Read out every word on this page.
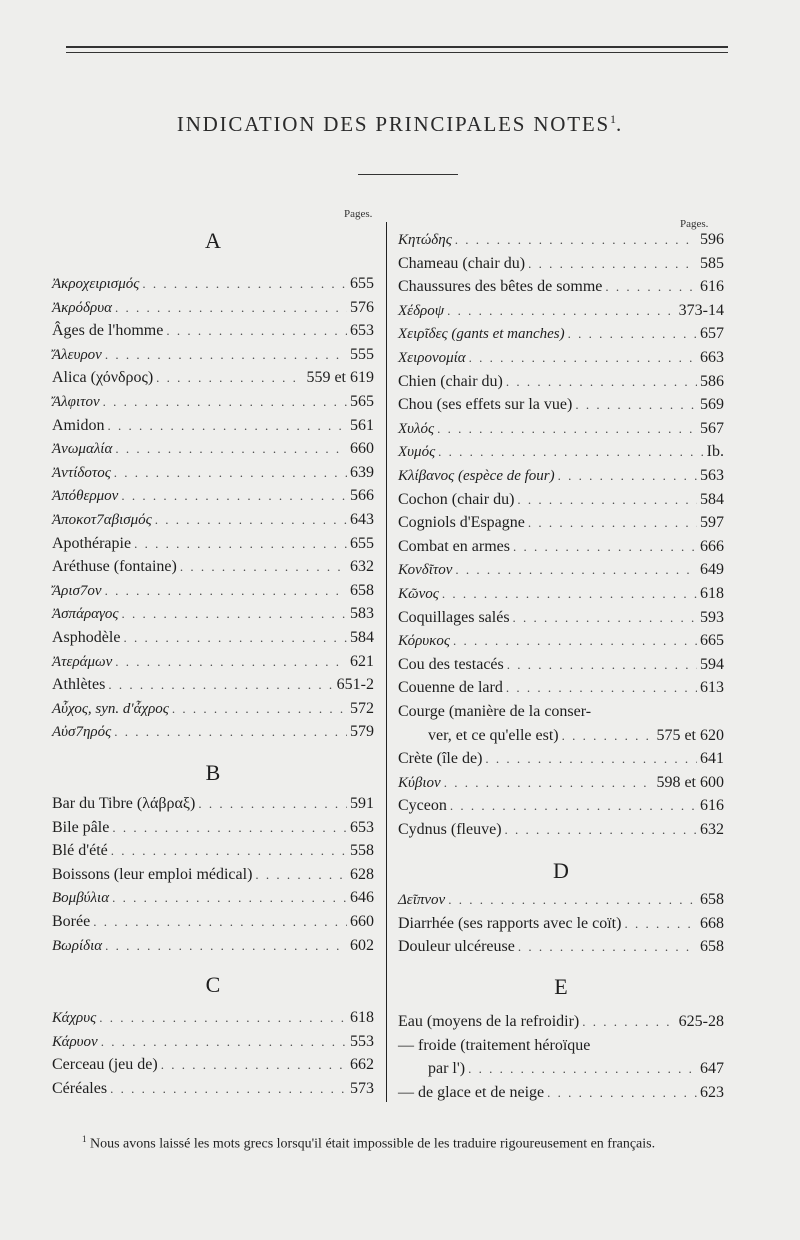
INDICATION DES PRINCIPALES NOTES$^1$.
Pages.
A
Ἀκροχειρισμός . . .	655
Ἀκρόδρυα . . .	576
Âges de l'homme . . .	653
Ἄλευρον . . .	555
Alica (χόνδρος) . . .	559 et 619
Ἄλφιτον . . .	565
Amidon . . .	561
Ἀνωμαλία . . .	660
Ἀντίδοτος . . .	639
Ἀπόθερμον . . .	566
Ἀποκοτ7αβισμός . . .	643
Apothérapie . . .	655
Aréthuse (fontaine) . . .	632
Ἄρισ7ον . . .	658
Ἀσπάραγος . . .	583
Asphodèle . . .	584
Ἀτεράμων . . .	621
Athlètes . . .	651-2
Αὖχος, syn. d'ἆχρος . . .	572
Αὐσ7ηρός . . .	579
B
Bar du Tibre (λάβραξ) . . .	591
Bile pâle . . .	653
Blé d'été . . .	558
Boissons (leur emploi médical) . . .	628
Βομβύλια . . .	646
Borée . . .	660
Βωρίδια . . .	602
C
Κάχρυς . . .	618
Κάρυον . . .	553
Cerceau (jeu de) . . .	662
Céréales . . .	573
Pages.
Κητώδης . . .	596
Chameau (chair du) . . .	585
Chaussures des bêtes de somme . . .	616
Χέδροψ . . .	373-14
Χειρῖδες (gants et manches) . . .	657
Χειρονομία . . .	663
Chien (chair du) . . .	586
Chou (ses effets sur la vue) . . .	569
Χυλός . . .	567
Χυμός . . .	Ib.
Κλίβανος (espèce de four) . . .	563
Cochon (chair du) . . .	584
Cogniols d'Espagne . . .	597
Combat en armes . . .	666
Κονδῖτον . . .	649
Κῶνος . . .	618
Coquillages salés . . .	593
Κόρυκος . . .	665
Cou des testacés . . .	594
Couenne de lard . . .	613
Courge (manière de la conser-
ver, et ce qu'elle est) . . .	575 et 620
Crète (île de) . . .	641
Κύβιον . . .	598 et 600
Cyceon . . .	616
Cydnus (fleuve) . . .	632
D
Δεῖπνον . . .	658
Diarrhée (ses rapports avec le coït) . . .	668
Douleur ulcéreuse . . .	658
E
Eau (moyens de la refroidir) . . .	625-28
— froide (traitement héroïque
par l') . . .	647
— de glace et de neige . . .	623
$^1$ Nous avons laissé les mots grecs lorsqu'il était impossible de les traduire rigoureusement en français.
